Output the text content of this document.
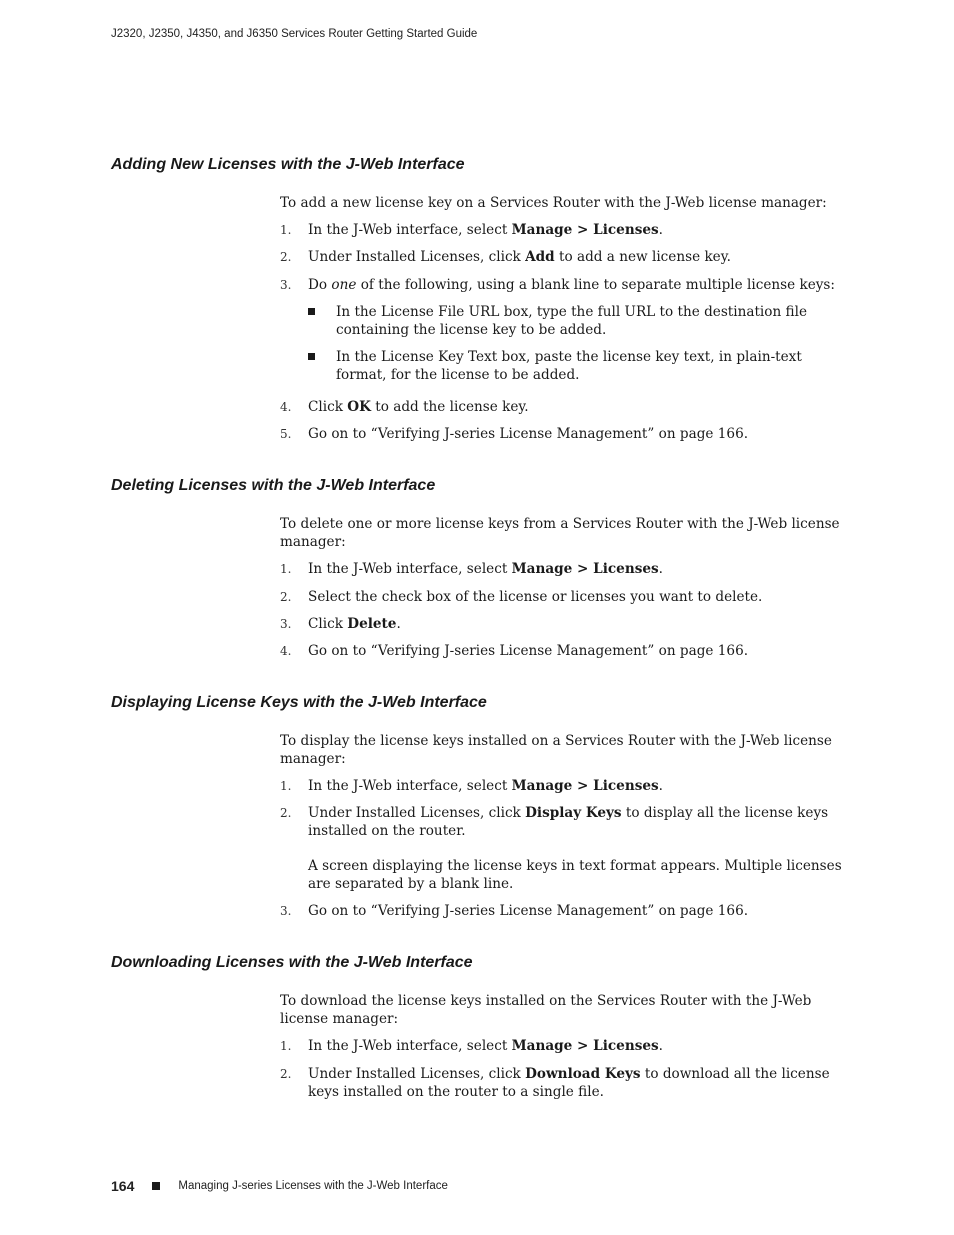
J2320, J2350, J4350, and J6350 Services Router Getting Started Guide
Adding New Licenses with the J-Web Interface

To add a new license key on a Services Router with the J-Web license manager:

1. In the J-Web interface, select Manage > Licenses.
2. Under Installed Licenses, click Add to add a new license key.
3. Do one of the following, using a blank line to separate multiple license keys:
In the License File URL box, type the full URL to the destination file containing the license key to be added.
In the License Key Text box, paste the license key text, in plain-text format, for the license to be added.
4. Click OK to add the license key.
5. Go on to “Verifying J-series License Management” on page 166.
Deleting Licenses with the J-Web Interface

To delete one or more license keys from a Services Router with the J-Web license manager:

1. In the J-Web interface, select Manage > Licenses.
2. Select the check box of the license or licenses you want to delete.
3. Click Delete.
4. Go on to “Verifying J-series License Management” on page 166.
Displaying License Keys with the J-Web Interface

To display the license keys installed on a Services Router with the J-Web license manager:

1. In the J-Web interface, select Manage > Licenses.
2. Under Installed Licenses, click Display Keys to display all the license keys installed on the router.
A screen displaying the license keys in text format appears. Multiple licenses are separated by a blank line.
3. Go on to “Verifying J-series License Management” on page 166.
Downloading Licenses with the J-Web Interface

To download the license keys installed on the Services Router with the J-Web license manager:

1. In the J-Web interface, select Manage > Licenses.
2. Under Installed Licenses, click Download Keys to download all the license keys installed on the router to a single file.
164	Managing J-series Licenses with the J-Web Interface
